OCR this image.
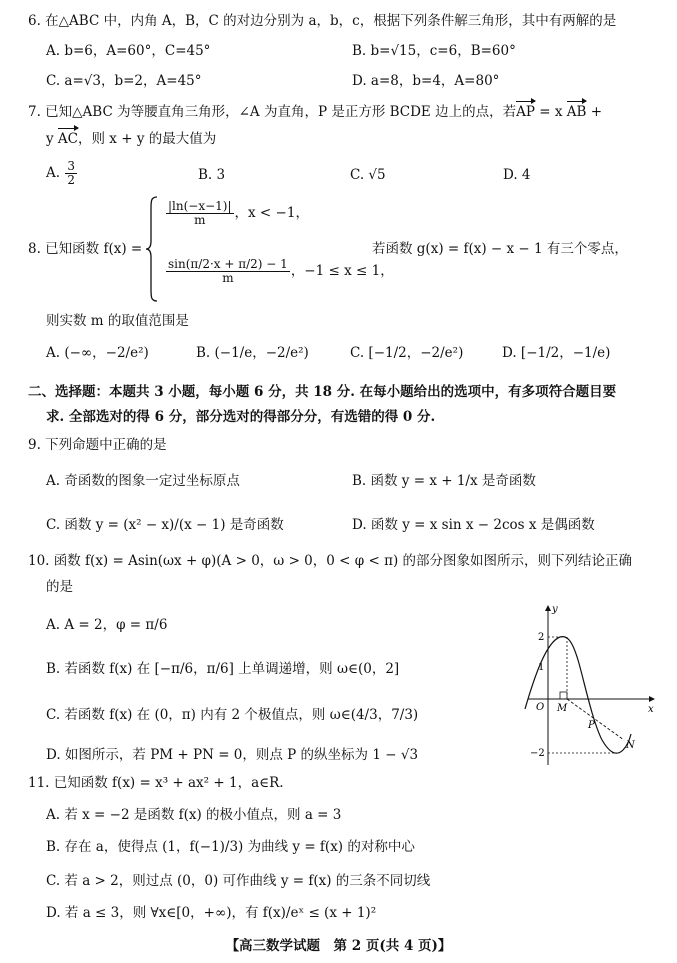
6. 在△ABC 中，内角 A，B，C 的对边分别为 a，b，c，根据下列条件解三角形，其中有两解的是
A. b=6，A=60°，C=45°	B. b=√15，c=6，B=60°
C. a=√3，b=2，A=45°	D. a=8，b=4，A=80°
7. 已知△ABC 为等腰直角三角形，∠A 为直角，P 是正方形 BCDE 边上的点，若AP = x AB +
y AC，则 x + y 的最大值为
A. $\frac{3}{2}$	B. 3	C. √5	D. 4
8. 已知函数 f(x) =
$\frac{|\ln(-x-1)|}{m}$ ，x < −1，
$\frac{\sin(\pi/2\cdot x + \pi/2) - 1}{m}$ ，−1 ≤ x ≤ 1，
若函数 g(x) = f(x) − x − 1 有三个零点，
则实数 m 的取值范围是
A. (−∞，−2/e²)	B. (−1/e，−2/e²)	C. [−1/2，−2/e²)	D. [−1/2，−1/e)
二、选择题：本题共 3 小题，每小题 6 分，共 18 分. 在每小题给出的选项中，有多项符合题目要
求. 全部选对的得 6 分，部分选对的得部分分，有选错的得 0 分.
9. 下列命题中正确的是
A. 奇函数的图象一定过坐标原点	B. 函数 y = x + 1/x 是奇函数
C. 函数 y = (x² − x)/(x − 1) 是奇函数	D. 函数 y = x sin x − 2cos x 是偶函数
10. 函数 f(x) = Asin(ωx + φ)(A > 0，ω > 0，0 < φ < π) 的部分图象如图所示，则下列结论正确
的是
A. A = 2，φ = π/6
B. 若函数 f(x) 在 [−π/6，π/6] 上单调递增，则 ω∈(0，2]
C. 若函数 f(x) 在 (0，π) 内有 2 个极值点，则 ω∈(4/3，7/3)
D. 如图所示，若 PM + PN = 0，则点 P 的纵坐标为 1 − √3
y
x
O
2
1
−2
M
P
N
11. 已知函数 f(x) = x³ + ax² + 1，a∈R.
A. 若 x = −2 是函数 f(x) 的极小值点，则 a = 3
B. 存在 a，使得点 (1，f(−1)/3) 为曲线 y = f(x) 的对称中心
C. 若 a > 2，则过点 (0，0) 可作曲线 y = f(x) 的三条不同切线
D. 若 a ≤ 3，则 ∀x∈[0，+∞)，有 f(x)/eˣ ≤ (x + 1)²
【高三数学试题　第 2 页(共 4 页)】
